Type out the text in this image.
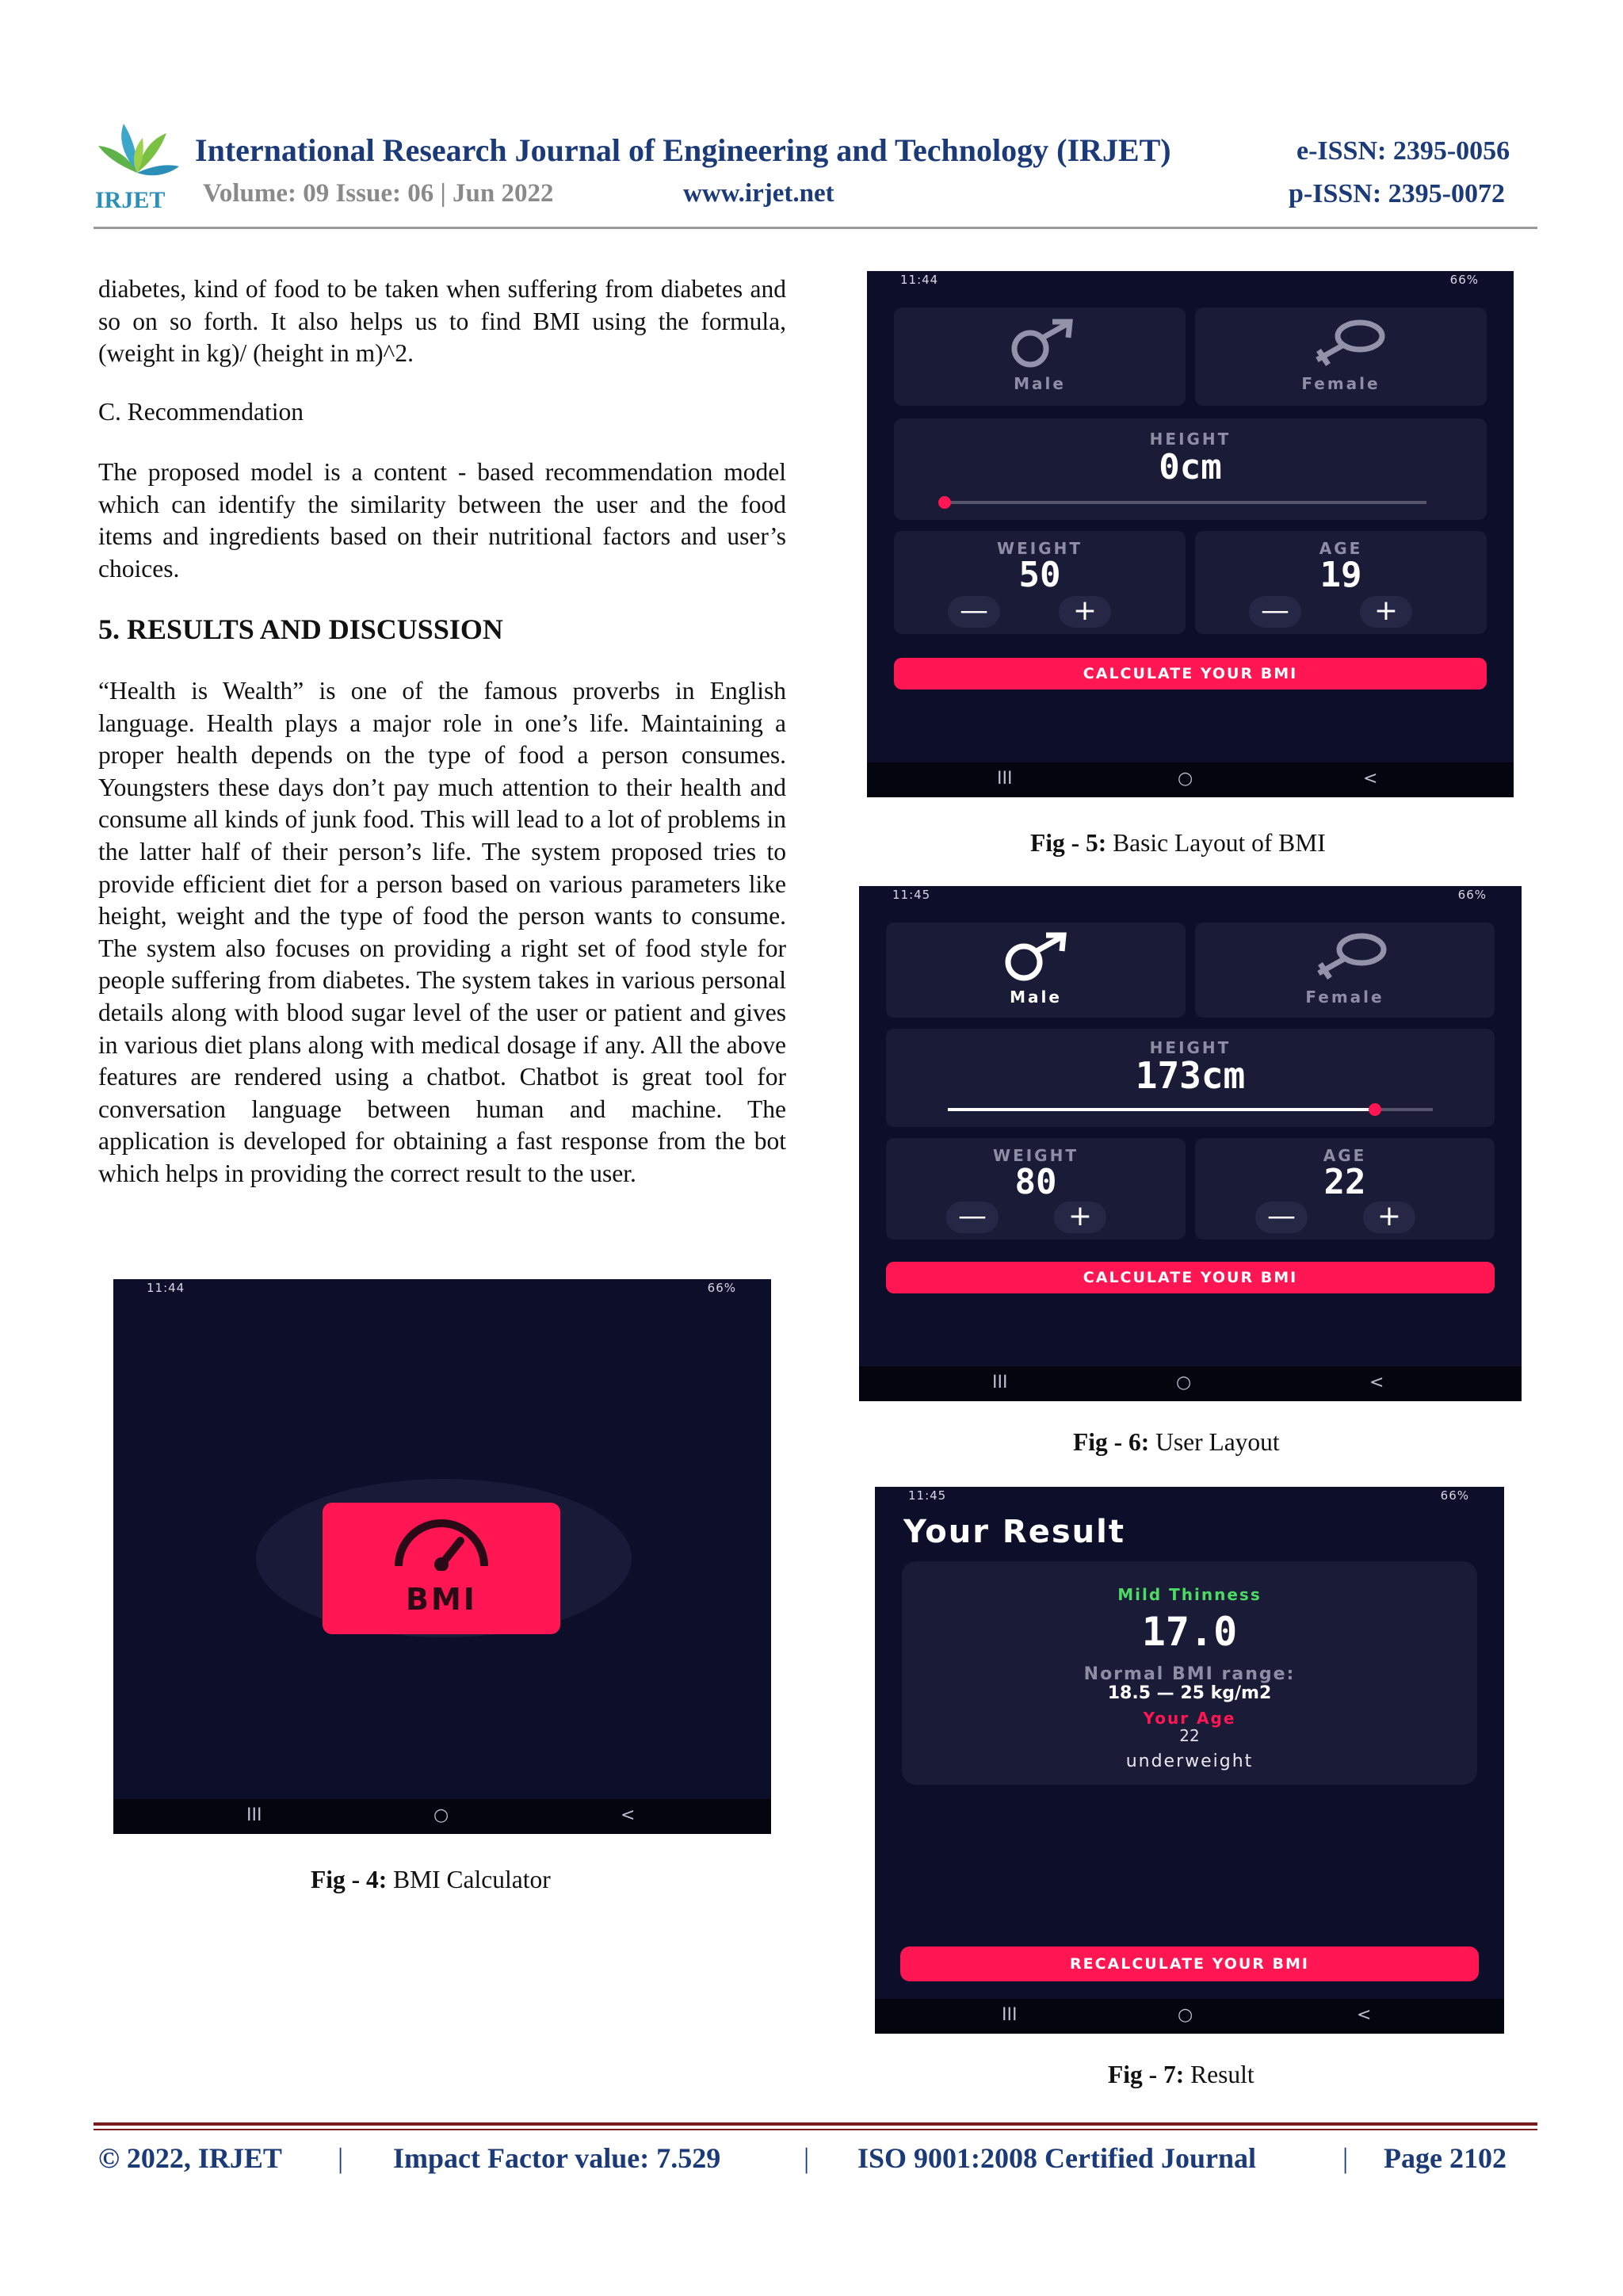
IRJET
International Research Journal of Engineering and Technology (IRJET)	e-ISSN: 2395-0056
Volume: 09 Issue: 06 | Jun 2022	www.irjet.net	p-ISSN: 2395-0072
diabetes, kind of food to be taken when suffering from diabetes and so on so forth. It also helps us to find BMI using the formula, (weight in kg)/ (height in m)^2.
C. Recommendation
The proposed model is a content - based recommendation model which can identify the similarity between the user and the food items and ingredients based on their nutritional factors and user’s choices.
5. RESULTS AND DISCUSSION
“Health is Wealth” is one of the famous proverbs in English language. Health plays a major role in one’s life. Maintaining a proper health depends on the type of food a person consumes. Youngsters these days don’t pay much attention to their health and consume all kinds of junk food. This will lead to a lot of problems in the latter half of their person’s life. The system proposed tries to provide efficient diet for a person based on various parameters like height, weight and the type of food the person wants to consume. The system also focuses on providing a right set of food style for people suffering from diabetes. The system takes in various personal details along with blood sugar level of the user or patient and gives in various diet plans along with medical dosage if any. All the above features are rendered using a chatbot. Chatbot is great tool for conversation language between human and machine. The application is developed for obtaining a fast response from the bot which helps in providing the correct result to the user.
11:44	66%
BMI
III	○	<
Fig - 4: BMI Calculator
11:44	66%
Male	Female
HEIGHT
0cm
WEIGHT
50
—	+
AGE
19
—	+
CALCULATE YOUR BMI
III	○	<
Fig - 5: Basic Layout of BMI
11:45	66%
Male	Female
HEIGHT
173cm
WEIGHT
80
—	+
AGE
22
—	+
CALCULATE YOUR BMI
III	○	<
Fig - 6: User Layout
11:45	66%
Your Result
Mild Thinness
17.0
Normal BMI range:
18.5 — 25 kg/m2
Your Age
22
underweight
RECALCULATE YOUR BMI
III	○	<
Fig - 7: Result
© 2022, IRJET | Impact Factor value: 7.529	| ISO 9001:2008 Certified Journal	| Page 2102
